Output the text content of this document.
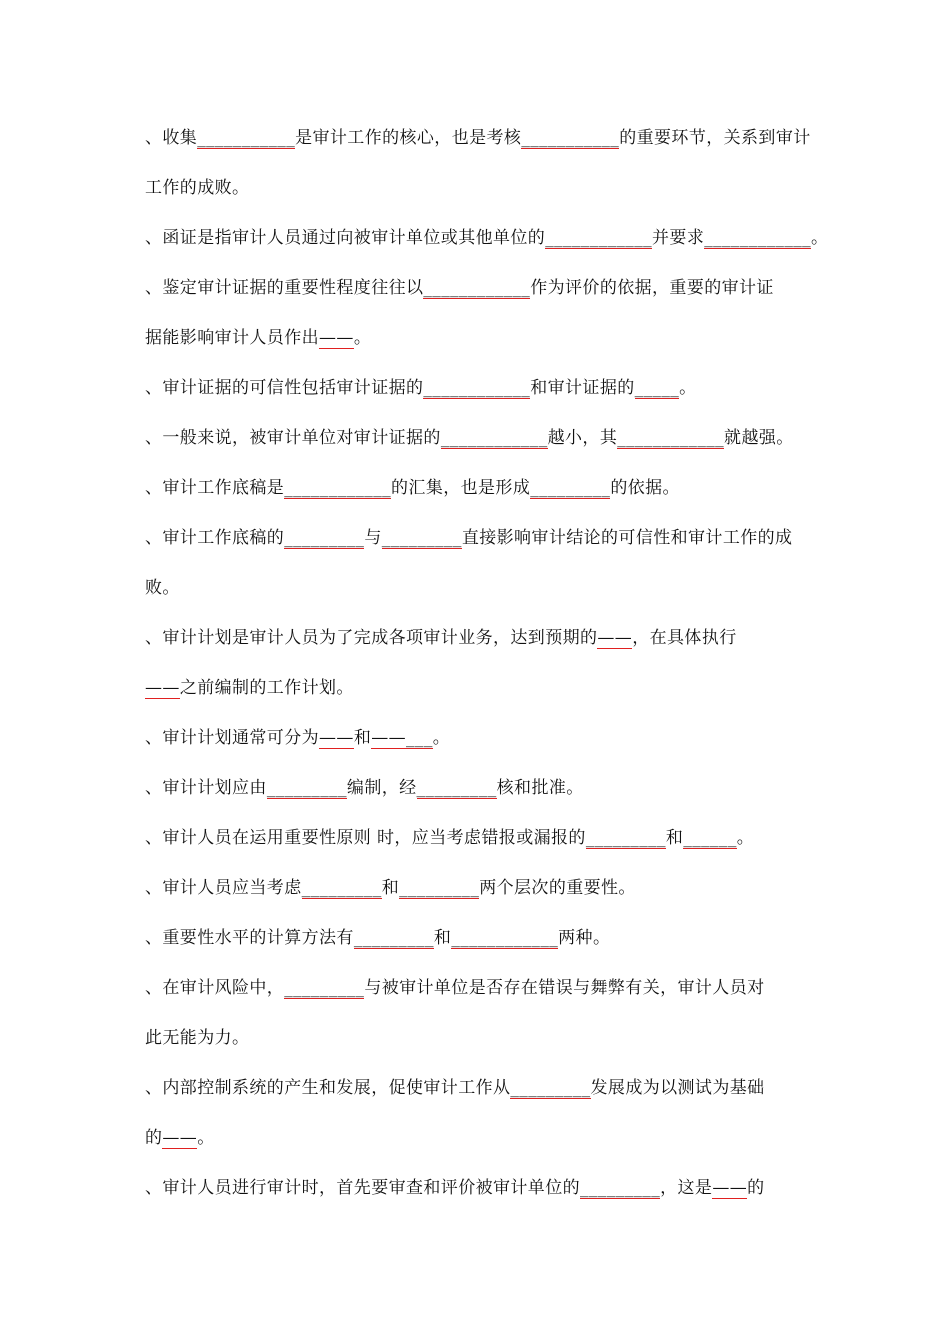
、收集___________是审计工作的核心，也是考核___________的重要环节，关系到审计
工作的成败。
、函证是指审计人员通过向被审计单位或其他单位的____________并要求____________。
、鉴定审计证据的重要性程度往往以____________作为评价的依据，重要的审计证
据能影响审计人员作出——。
、审计证据的可信性包括审计证据的____________和审计证据的_____。
、一般来说，被审计单位对审计证据的____________越小，其____________就越强。
、审计工作底稿是____________的汇集，也是形成_________的依据。
、审计工作底稿的_________与_________直接影响审计结论的可信性和审计工作的成
败。
、审计计划是审计人员为了完成各项审计业务，达到预期的——，在具体执行
——之前编制的工作计划。
、审计计划通常可分为——和——___。
、审计计划应由_________编制，经_________核和批准。
、审计人员在运用重要性原则 时，应当考虑错报或漏报的_________和______。
、审计人员应当考虑_________和_________两个层次的重要性。
、重要性水平的计算方法有_________和____________两种。
、在审计风险中，_________与被审计单位是否存在错误与舞弊有关，审计人员对
此无能为力。
、内部控制系统的产生和发展，促使审计工作从_________发展成为以测试为基础
的——。
、审计人员进行审计时，首先要审查和评价被审计单位的_________，这是——的
